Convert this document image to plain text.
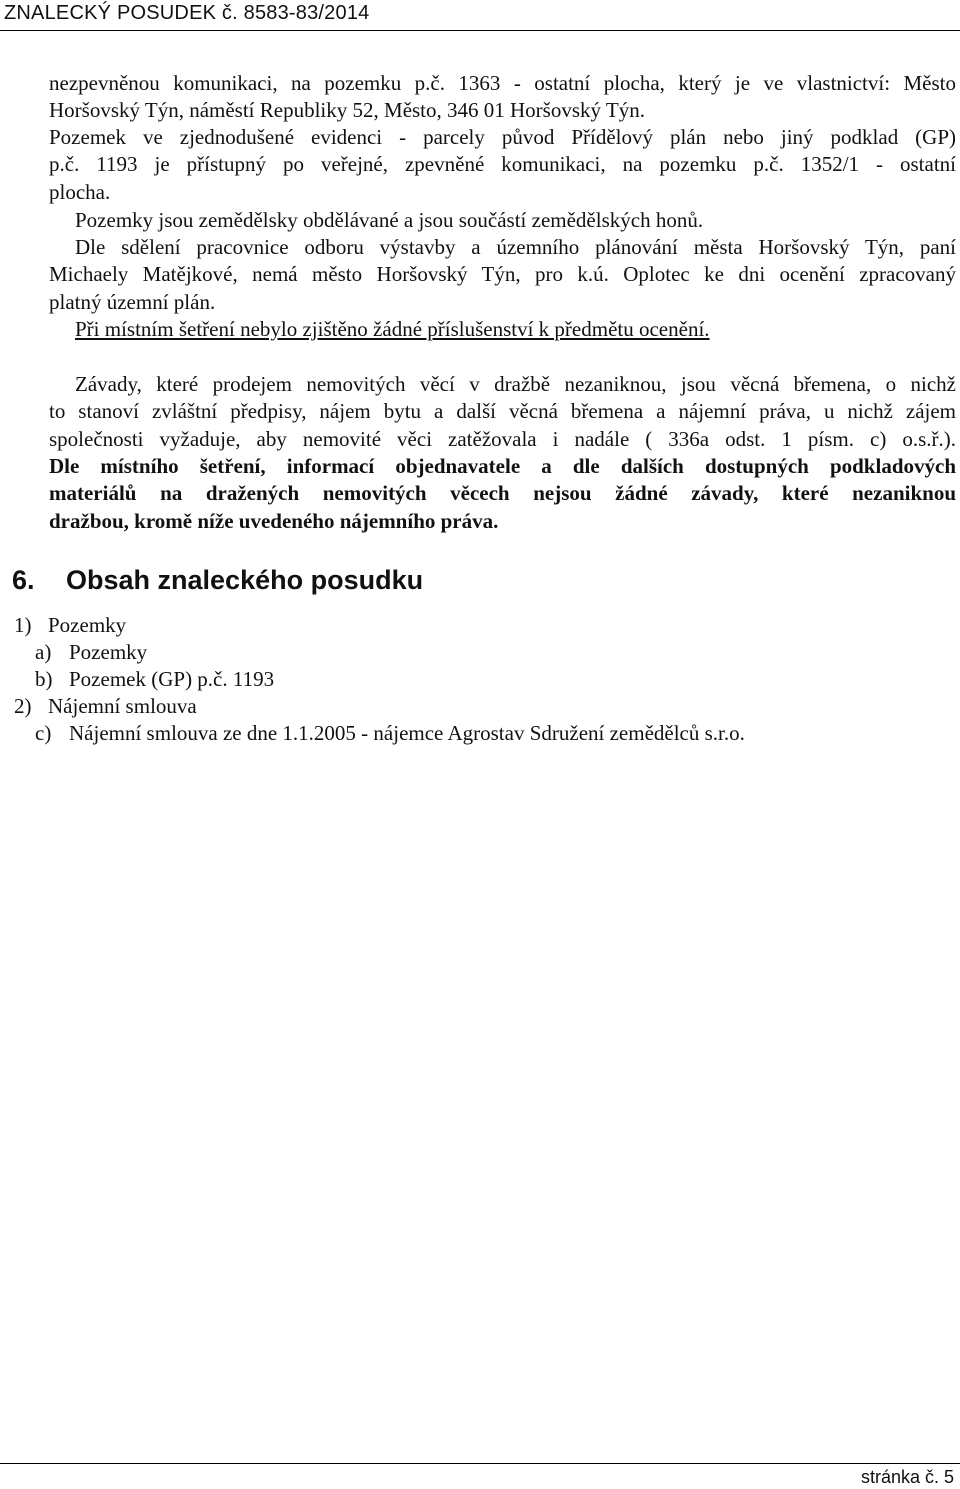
ZNALECKÝ POSUDEK č. 8583-83/2014
nezpevněnou komunikaci, na pozemku p.č. 1363 - ostatní plocha, který je ve vlastnictví: Město
Horšovský Týn, náměstí Republiky 52, Město, 346 01 Horšovský Týn.
Pozemek ve zjednodušené evidenci - parcely původ Přídělový plán nebo jiný podklad (GP)
p.č. 1193 je přístupný po veřejné, zpevněné komunikaci, na pozemku p.č. 1352/1 - ostatní
plocha.
Pozemky jsou zemědělsky obdělávané a jsou součástí zemědělských honů.
Dle sdělení pracovnice odboru výstavby a územního plánování města Horšovský Týn, paní
Michaely Matějkové, nemá město Horšovský Týn, pro k.ú. Oplotec ke dni ocenění zpracovaný
platný územní plán.
Při místním šetření nebylo zjištěno žádné příslušenství k předmětu ocenění.
Závady, které prodejem nemovitých věcí v dražbě nezaniknou, jsou věcná břemena, o nichž
to stanoví zvláštní předpisy, nájem bytu a další věcná břemena a nájemní práva, u nichž zájem
společnosti vyžaduje, aby nemovité věci zatěžovala i nadále ( 336a odst. 1 písm. c) o.s.ř.).
Dle místního šetření, informací objednavatele a dle dalších dostupných podkladových
materiálů na dražených nemovitých věcech nejsou žádné závady, které nezaniknou
dražbou, kromě níže uvedeného nájemního práva.
6. Obsah znaleckého posudku
1) Pozemky
a) Pozemky
b) Pozemek (GP) p.č. 1193
2) Nájemní smlouva
c) Nájemní smlouva ze dne 1.1.2005 - nájemce Agrostav Sdružení zemědělců s.r.o.
stránka č. 5
